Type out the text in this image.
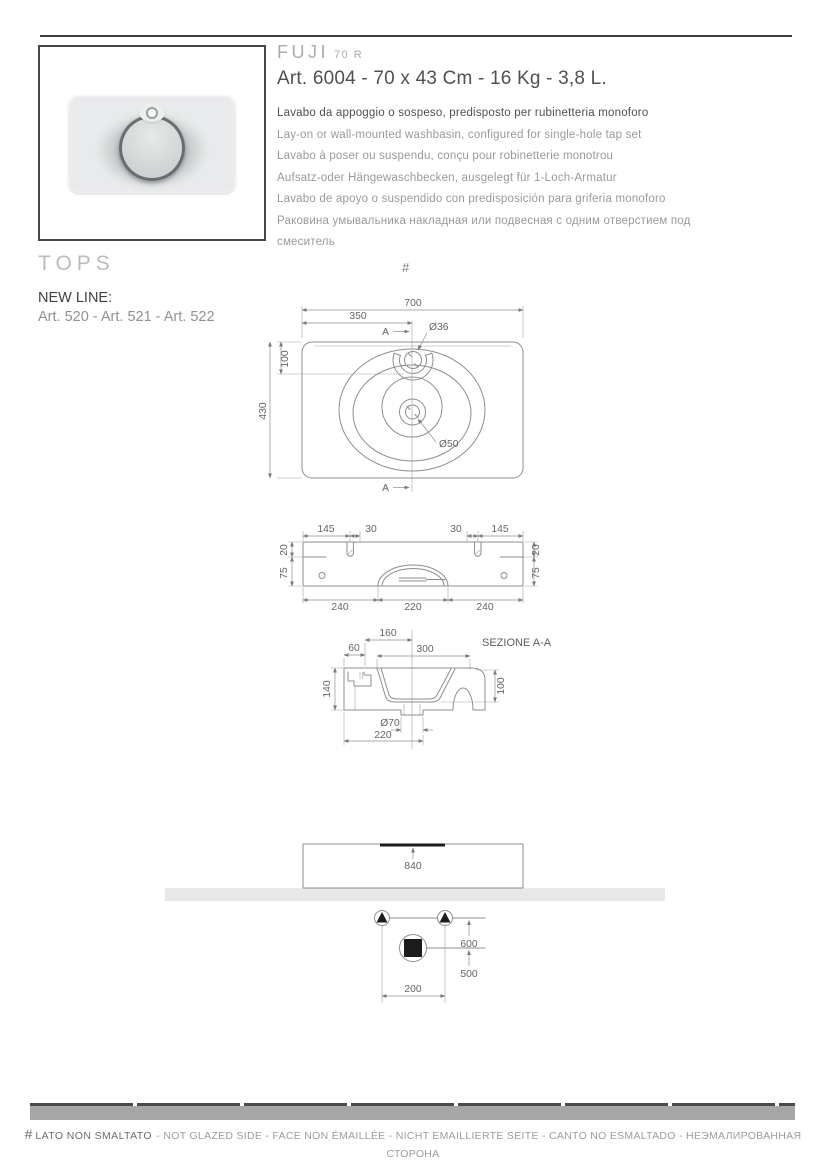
FUJI 70 R
Art. 6004 - 70 x 43 Cm - 16 Kg - 3,8 L.
Lavabo da appoggio o sospeso, predisposto per rubinetteria monoforo
Lay-on or wall-mounted washbasin, configured for single-hole tap set
Lavabo à poser ou suspendu, conçu pour robinetterie monotrou
Aufsatz-oder Hängewaschbecken, ausgelegt für 1-Loch-Armatur
Lavabo de apoyo o suspendido con predisposición para griferia monoforo
Раковина умывальника накладная или подвесная с одним отверстием под смеситель
TOPS
NEW LINE:
Art. 520 - Art. 521 - Art. 522
#
700
350
A	Ø36
100
430
Ø50
A
145	30	30	145
20
75
20
75
240	220	240
160
60	300
SEZIONE A-A
140	100
Ø70
220
840
600
500
200
# LATO NON SMALTATO - NOT GLAZED SIDE - FACE NON ÉMAILLÉE - NICHT EMAILLIERTE SEITE - CANTO NO ESMALTADO - НЕЭМАЛИРОВАННАЯ СТОРОНА
